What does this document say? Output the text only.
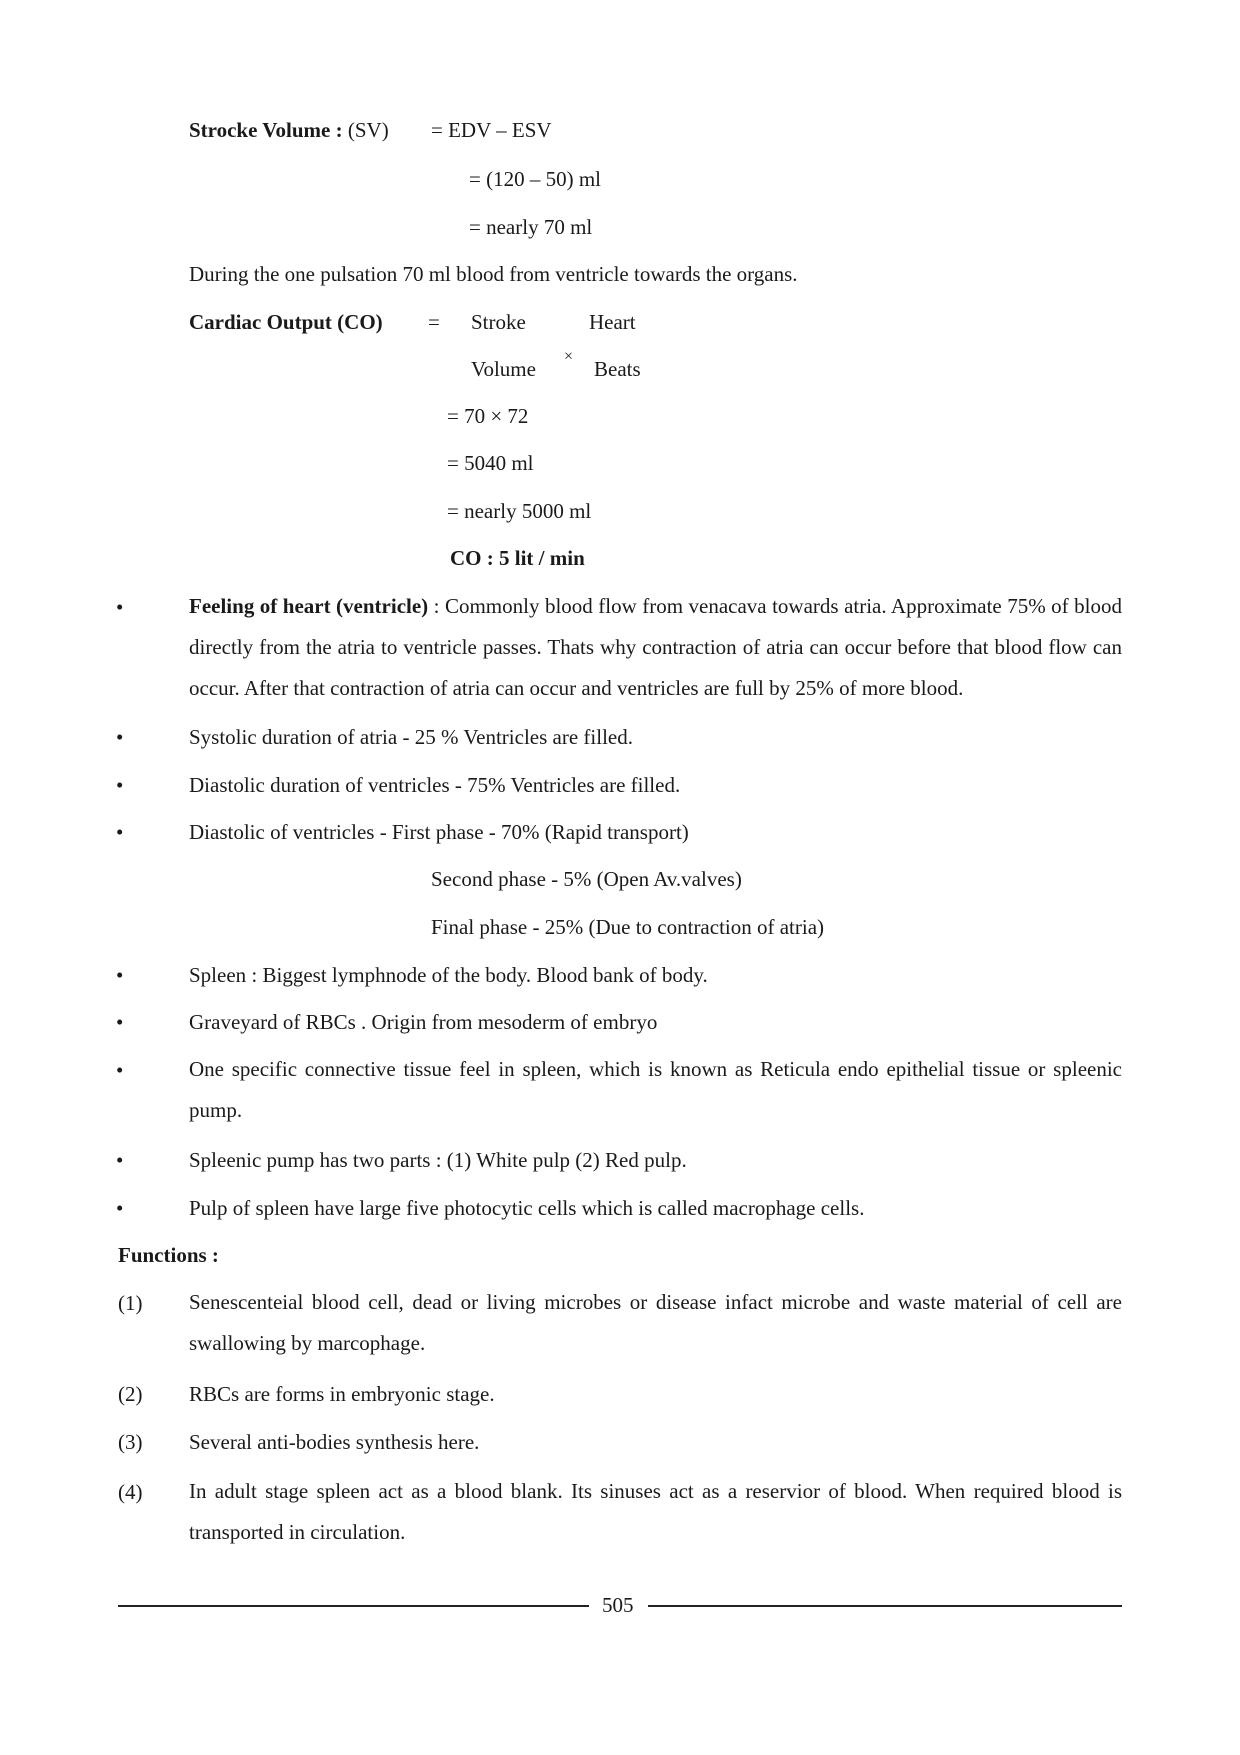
Strocke Volume : (SV) = EDV – ESV
= (120 – 50) ml
= nearly 70 ml
During the one pulsation 70 ml blood from ventricle towards the organs.
Cardiac Output (CO) = Stroke	Heart
Volume
×
Beats
= 70 × 72
= 5040 ml
= nearly 5000 ml
CO : 5 lit / min
•	Feeling of heart (ventricle) : Commonly blood flow from venacava towards atria. Approximate 75% of blood directly from the atria to ventricle passes. Thats why contraction of atria can occur before that blood flow can occur. After that contraction of atria can occur and ventricles are full by 25% of more blood.
•	Systolic duration of atria - 25 % Ventricles are filled.
•	Diastolic duration of ventricles - 75% Ventricles are filled.
•	Diastolic of ventricles - First phase - 70% (Rapid transport)
Second phase - 5% (Open Av.valves)
Final phase - 25% (Due to contraction of atria)
•	Spleen : Biggest lymphnode of the body. Blood bank of body.
•	Graveyard of RBCs . Origin from mesoderm of embryo
•	One specific connective tissue feel in spleen, which is known as Reticula endo epithelial tissue or spleenic pump.
•	Spleenic pump has two parts : (1) White pulp (2) Red pulp.
•	Pulp of spleen have large five photocytic cells which is called macrophage cells.
Functions :
(1) Senescenteial blood cell, dead or living microbes or disease infact microbe and waste material of cell are swallowing by marcophage.
(2) RBCs are forms in embryonic stage.
(3) Several anti-bodies synthesis here.
(4) In adult stage spleen act as a blood blank. Its sinuses act as a reservior of blood. When required blood is transported in circulation.
505
